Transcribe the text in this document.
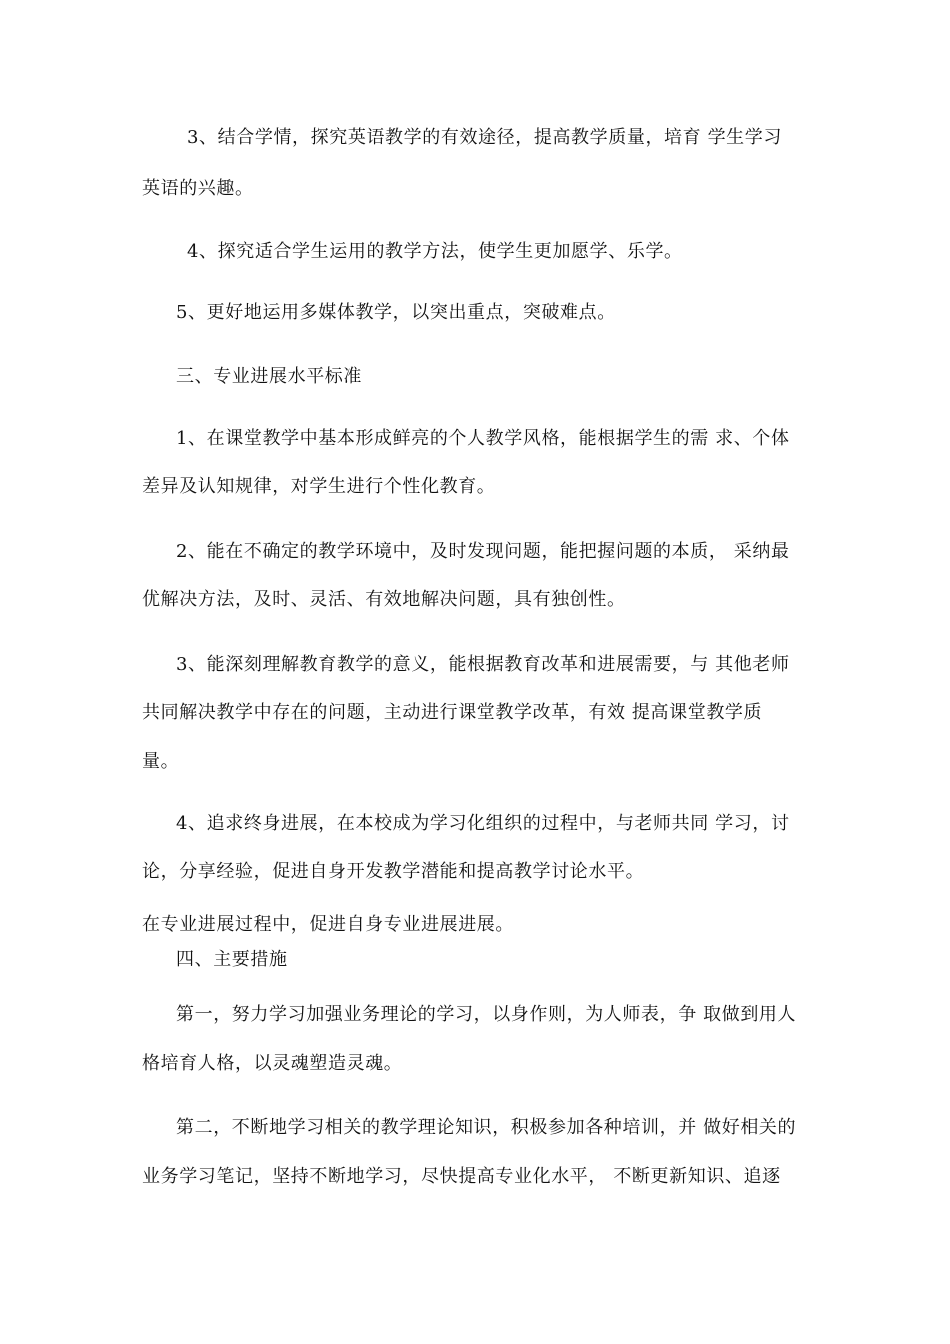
3、结合学情，探究英语教学的有效途径，提高教学质量，培育 学生学习
英语的兴趣。
4、探究适合学生运用的教学方法，使学生更加愿学、乐学。
5、更好地运用多媒体教学，以突出重点，突破难点。
三、专业进展水平标准
1、在课堂教学中基本形成鲜亮的个人教学风格，能根据学生的需 求、个体
差异及认知规律，对学生进行个性化教育。
2、能在不确定的教学环境中，及时发现问题，能把握问题的本质， 采纳最
优解决方法，及时、灵活、有效地解决问题，具有独创性。
3、能深刻理解教育教学的意义，能根据教育改革和进展需要，与 其他老师
共同解决教学中存在的问题，主动进行课堂教学改革，有效 提高课堂教学质
量。
4、追求终身进展，在本校成为学习化组织的过程中，与老师共同 学习，讨
论，分享经验，促进自身开发教学潜能和提高教学讨论水平。
在专业进展过程中，促进自身专业进展进展。
四、主要措施
第一，努力学习加强业务理论的学习，以身作则，为人师表，争 取做到用人
格培育人格，以灵魂塑造灵魂。
第二，不断地学习相关的教学理论知识，积极参加各种培训，并 做好相关的
业务学习笔记，坚持不断地学习，尽快提高专业化水平， 不断更新知识、追逐
